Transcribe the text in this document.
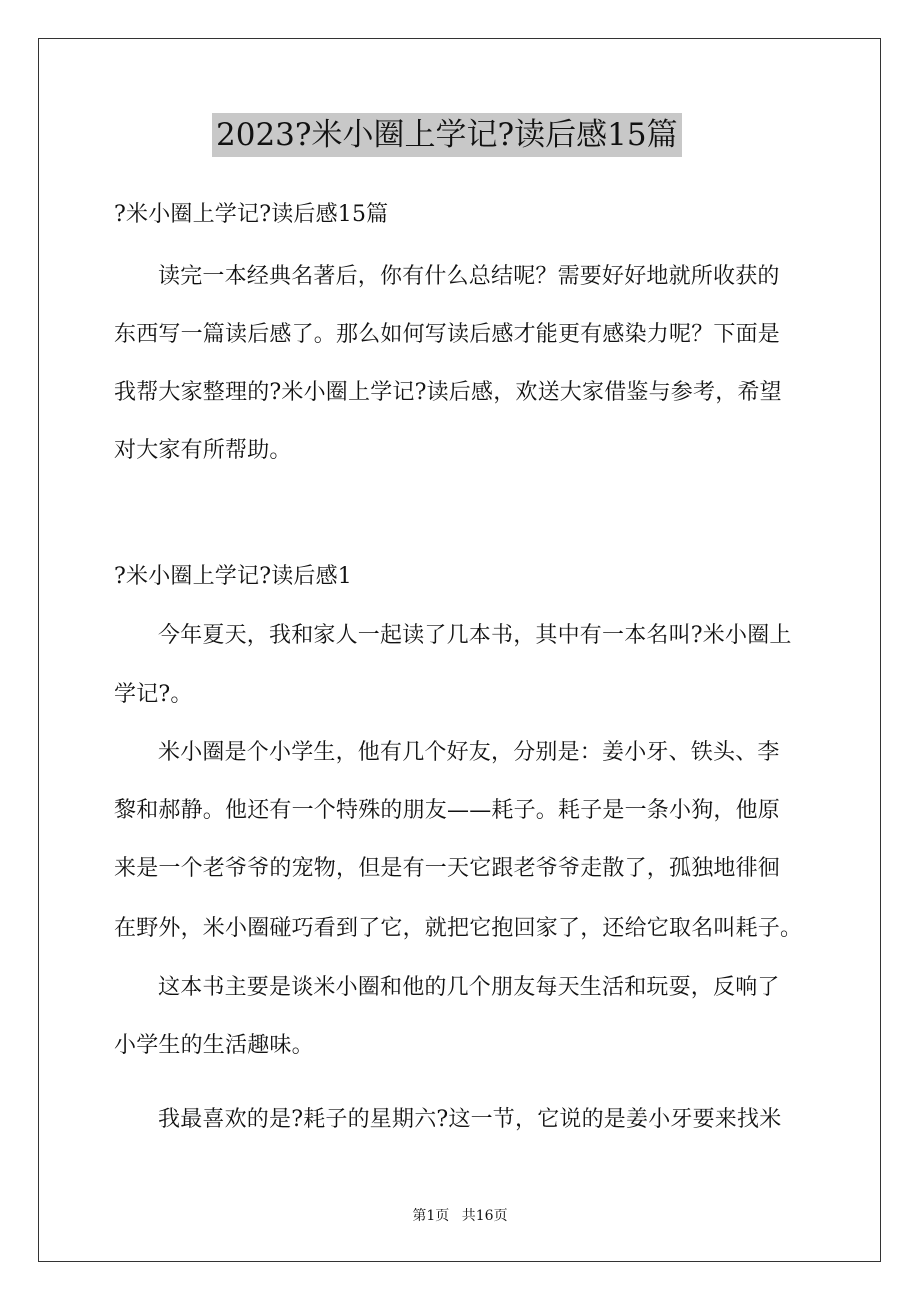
2023?米小圈上学记?读后感15篇
?米小圈上学记?读后感15篇
读完一本经典名著后，你有什么总结呢？需要好好地就所收获的
东西写一篇读后感了。那么如何写读后感才能更有感染力呢？下面是
我帮大家整理的?米小圈上学记?读后感，欢送大家借鉴与参考，希望
对大家有所帮助。
?米小圈上学记?读后感1
今年夏天，我和家人一起读了几本书，其中有一本名叫?米小圈上
学记?。
米小圈是个小学生，他有几个好友，分别是：姜小牙、铁头、李
黎和郝静。他还有一个特殊的朋友——耗子。耗子是一条小狗，他原
来是一个老爷爷的宠物，但是有一天它跟老爷爷走散了，孤独地徘徊
在野外，米小圈碰巧看到了它，就把它抱回家了，还给它取名叫耗子。
这本书主要是谈米小圈和他的几个朋友每天生活和玩耍，反响了
小学生的生活趣味。
我最喜欢的是?耗子的星期六?这一节，它说的是姜小牙要来找米
第1页 共16页
